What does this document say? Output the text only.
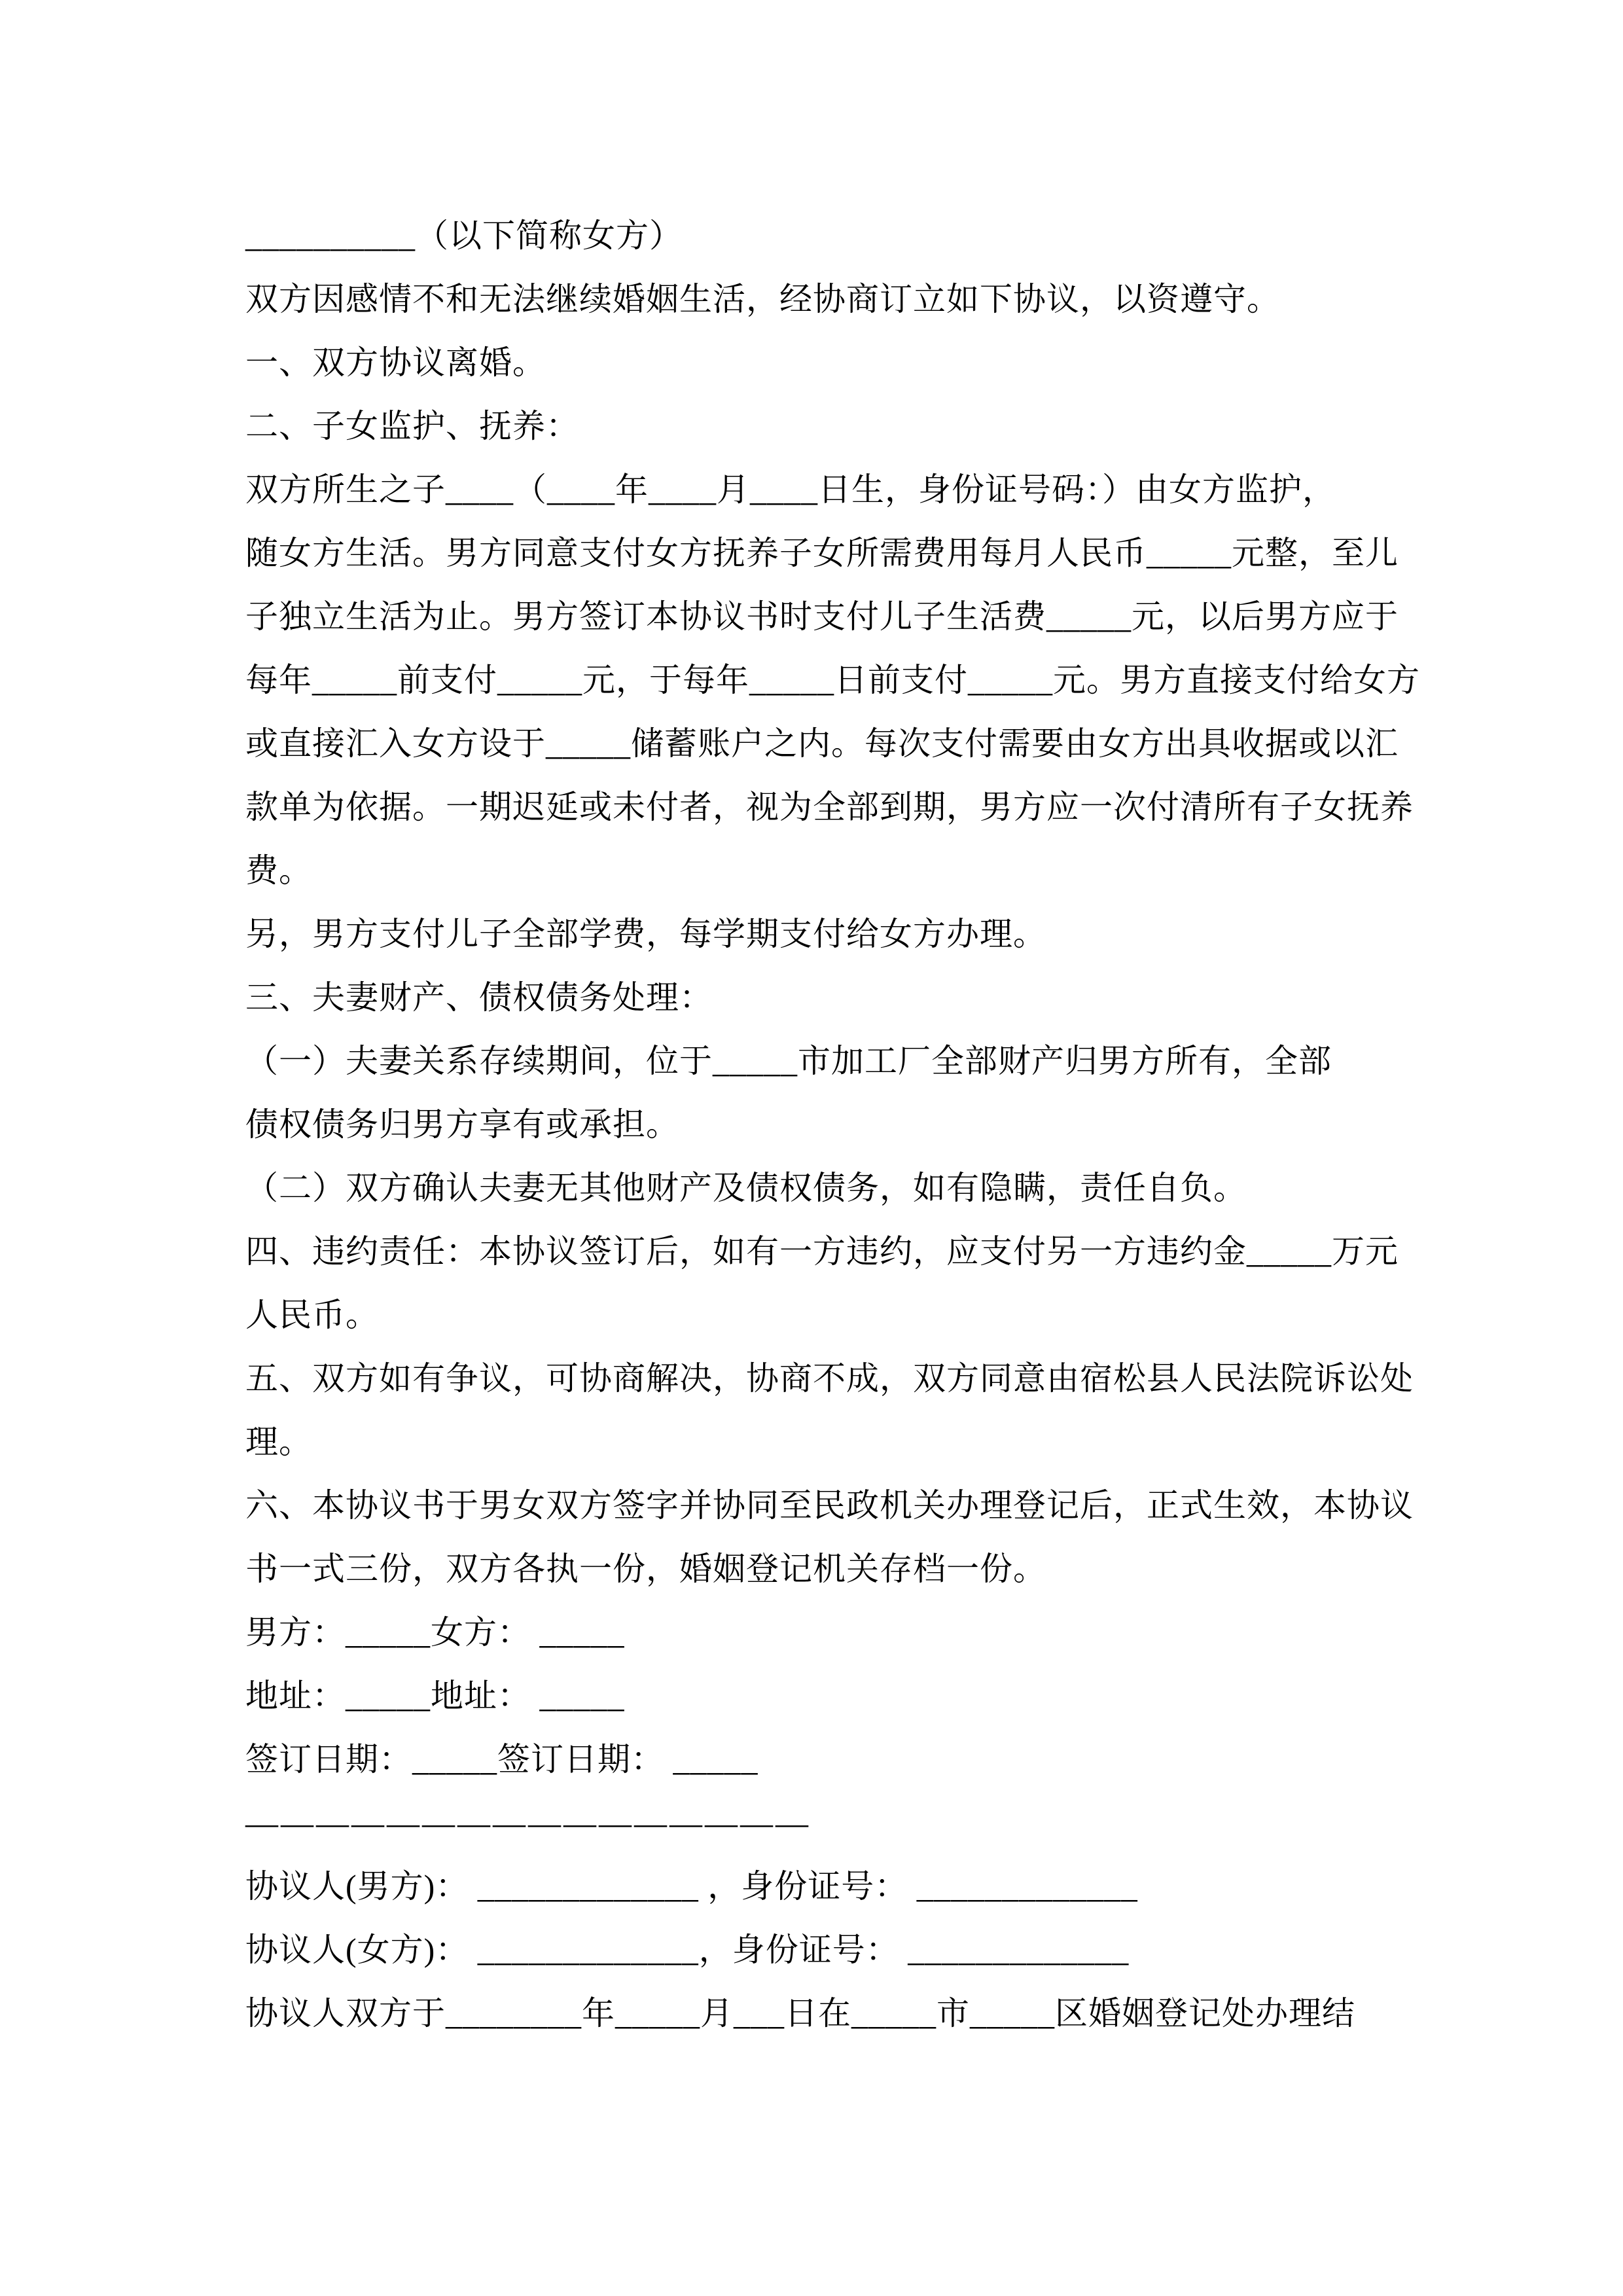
__________（以下简称女方）

双方因感情不和无法继续婚姻生活，经协商订立如下协议，以资遵守。

一、双方协议离婚。

二、子女监护、抚养：

双方所生之子____（____年____月____日生，身份证号码：）由女方监护，

随女方生活。男方同意支付女方抚养子女所需费用每月人民币_____元整，至儿

子独立生活为止。男方签订本协议书时支付儿子生活费_____元，以后男方应于

每年_____前支付_____元，于每年_____日前支付_____元。男方直接支付给女方

或直接汇入女方设于_____储蓄账户之内。每次支付需要由女方出具收据或以汇

款单为依据。一期迟延或未付者，视为全部到期，男方应一次付清所有子女抚养

费。

另，男方支付儿子全部学费，每学期支付给女方办理。

三、夫妻财产、债权债务处理：

（一）夫妻关系存续期间，位于_____市加工厂全部财产归男方所有，全部

债权债务归男方享有或承担。

（二）双方确认夫妻无其他财产及债权债务，如有隐瞒，责任自负。

四、违约责任：本协议签订后，如有一方违约，应支付另一方违约金_____万元

人民币。

五、双方如有争议，可协商解决，协商不成，双方同意由宿松县人民法院诉讼处

理。

六、本协议书于男女双方签字并协同至民政机关办理登记后，正式生效，本协议

书一式三份，双方各执一份，婚姻登记机关存档一份。

男方：_____女方： _____

地址：_____地址： _____

签订日期：_____签订日期： _____

————————————————

协议人(男方)： _____________ ，身份证号： _____________

协议人(女方)： _____________，身份证号： _____________

协议人双方于________年_____月___日在_____市_____区婚姻登记处办理结
